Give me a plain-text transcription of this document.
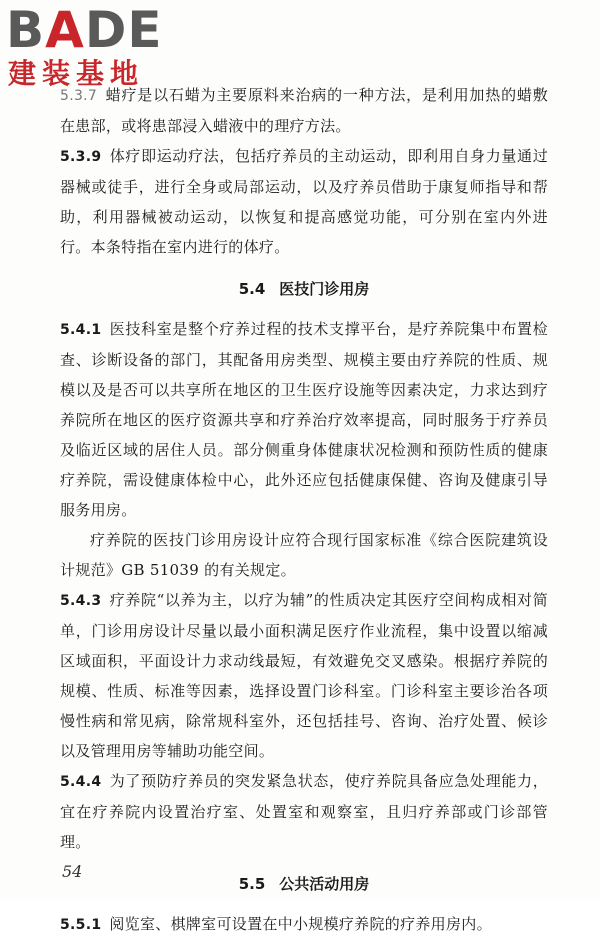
BADE
建装基地

5.3.7 蜡疗是以石蜡为主要原料来治病的一种方法，是利用加热的蜡敷在患部，或将患部浸入蜡液中的理疗方法。

5.3.9 体疗即运动疗法，包括疗养员的主动运动，即利用自身力量通过器械或徒手，进行全身或局部运动，以及疗养员借助于康复师指导和帮助，利用器械被动运动，以恢复和提高感觉功能，可分别在室内外进行。本条特指在室内进行的体疗。

5.4 医技门诊用房

5.4.1 医技科室是整个疗养过程的技术支撑平台，是疗养院集中布置检查、诊断设备的部门，其配备用房类型、规模主要由疗养院的性质、规模以及是否可以共享所在地区的卫生医疗设施等因素决定，力求达到疗养院所在地区的医疗资源共享和疗养治疗效率提高，同时服务于疗养员及临近区域的居住人员。部分侧重身体健康状况检测和预防性质的健康疗养院，需设健康体检中心，此外还应包括健康保健、咨询及健康引导服务用房。

疗养院的医技门诊用房设计应符合现行国家标准《综合医院建筑设计规范》GB 51039 的有关规定。

5.4.3 疗养院“以养为主，以疗为辅”的性质决定其医疗空间构成相对简单，门诊用房设计尽量以最小面积满足医疗作业流程，集中设置以缩减区域面积，平面设计力求动线最短，有效避免交叉感染。根据疗养院的规模、性质、标准等因素，选择设置门诊科室。门诊科室主要诊治各项慢性病和常见病，除常规科室外，还包括挂号、咨询、治疗处置、候诊以及管理用房等辅助功能空间。

5.4.4 为了预防疗养员的突发紧急状态，使疗养院具备应急处理能力，宜在疗养院内设置治疗室、处置室和观察室，且归疗养部或门诊部管理。

5.5 公共活动用房

5.5.1 阅览室、棋牌室可设置在中小规模疗养院的疗养用房内。

54
